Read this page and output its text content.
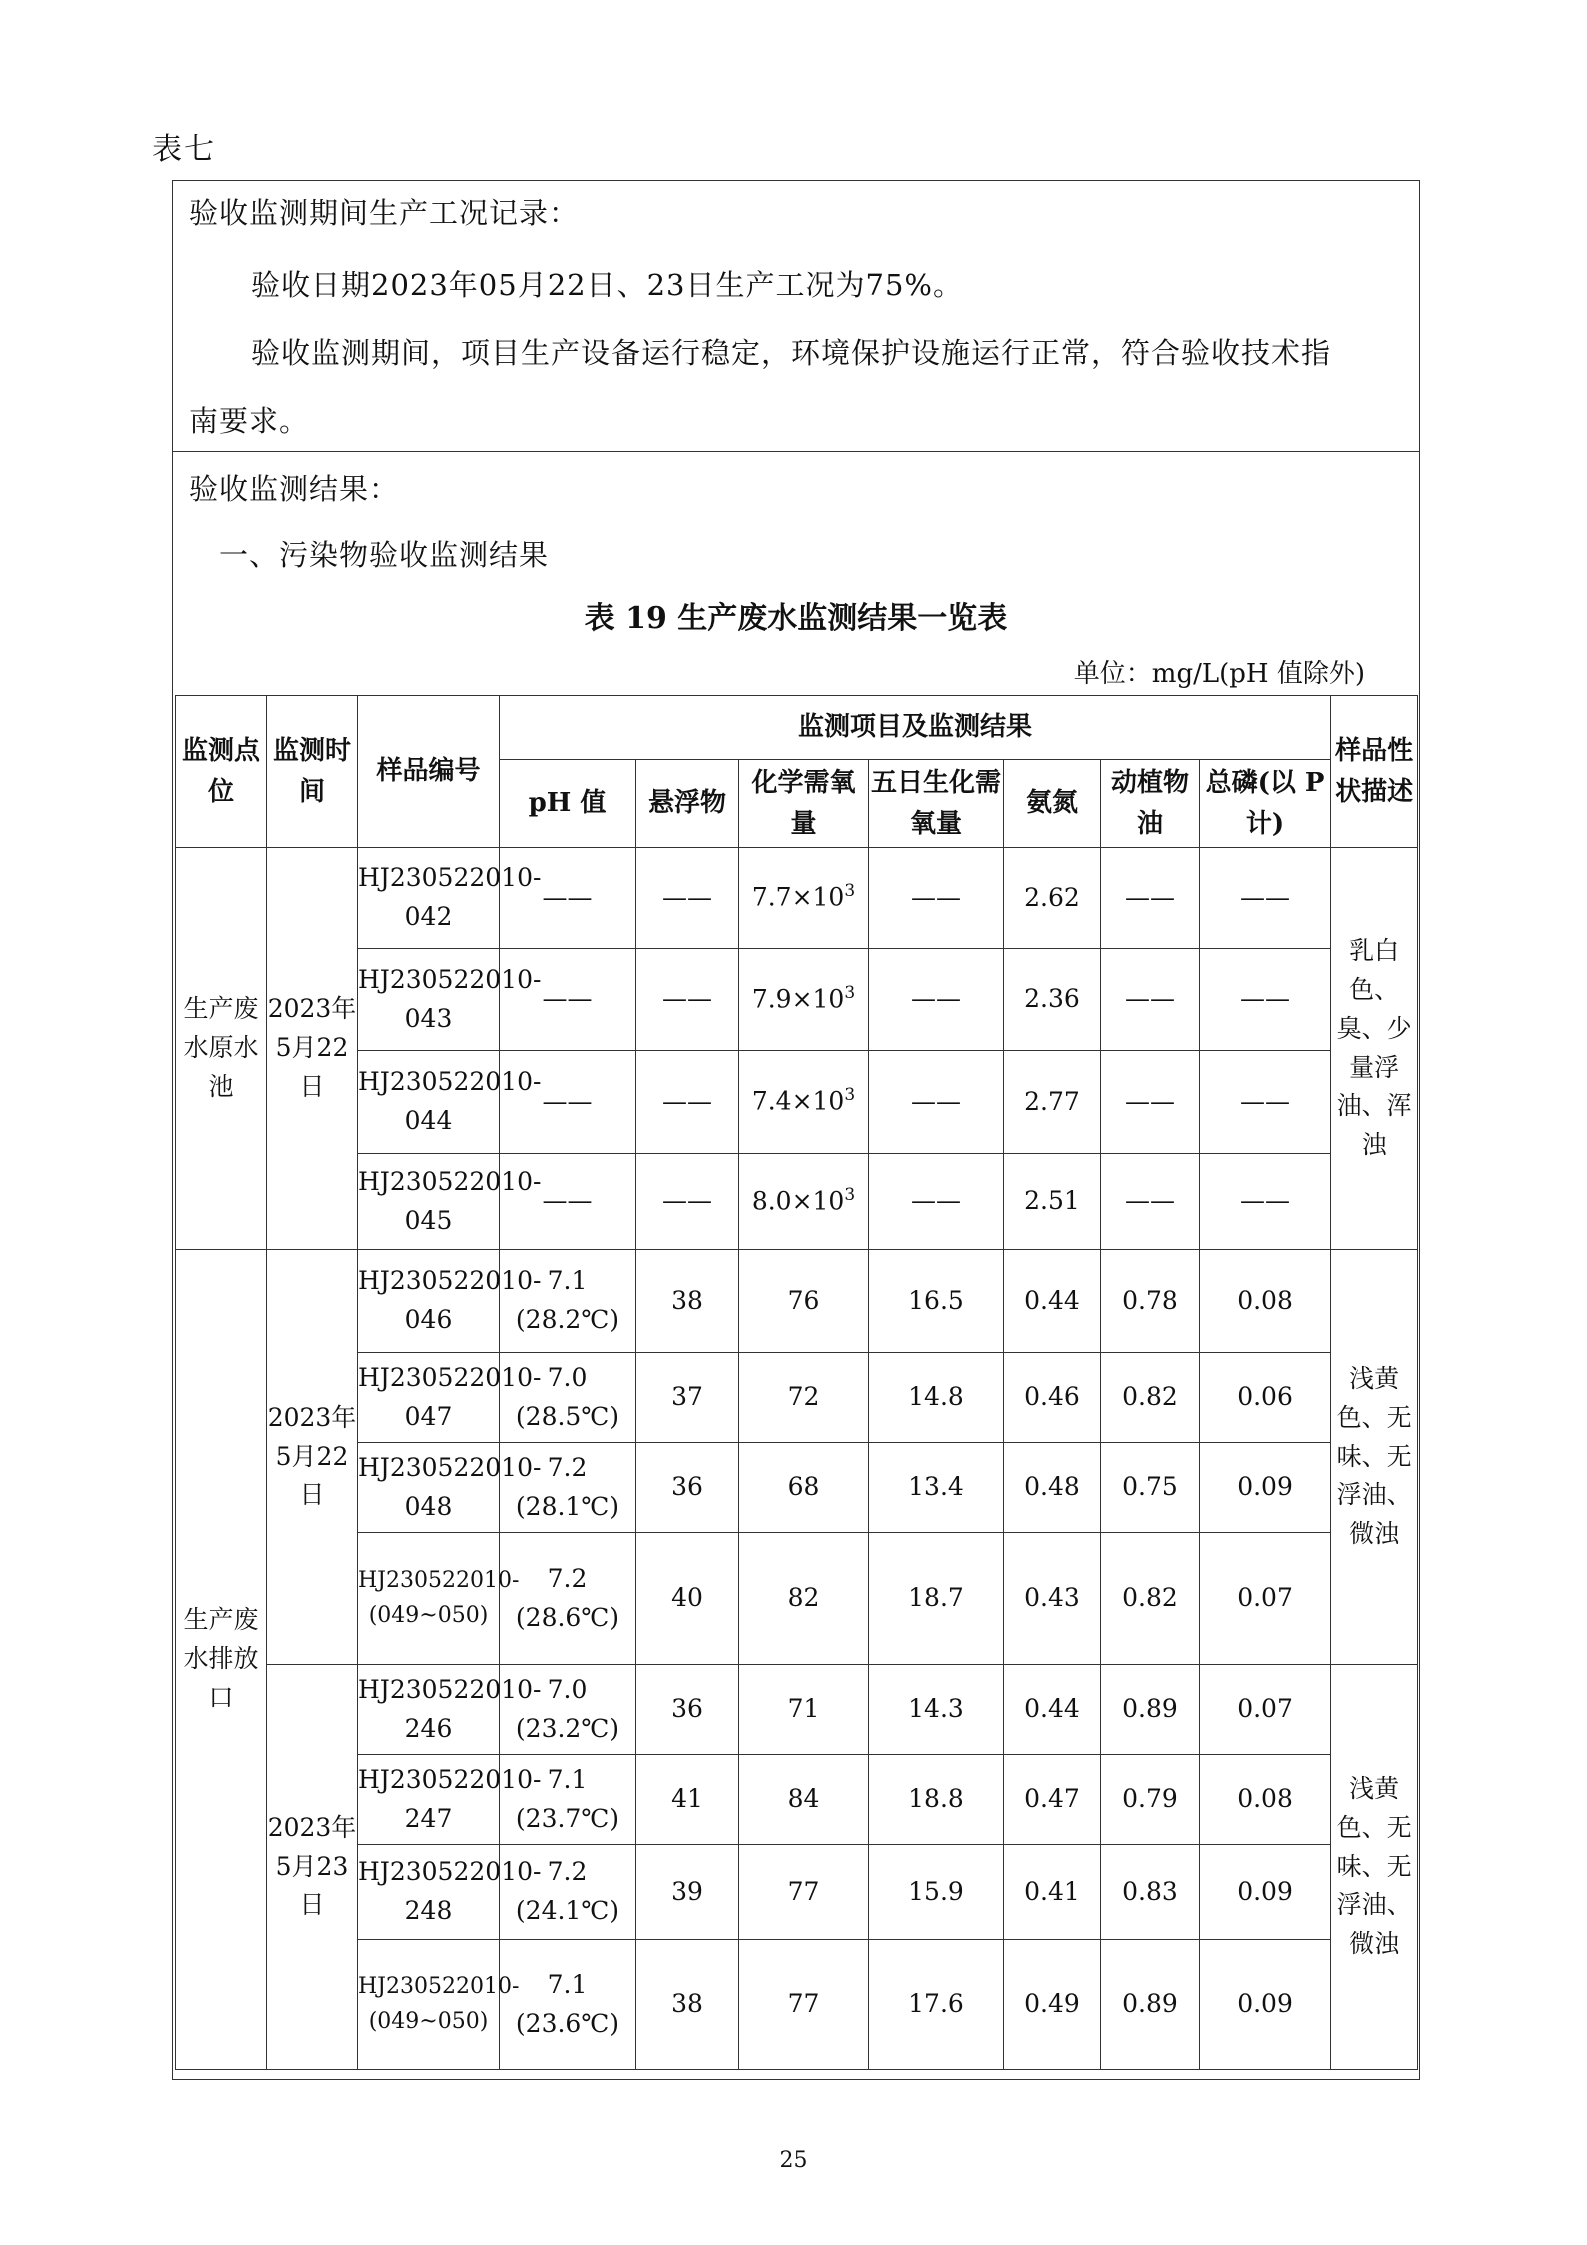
表七
验收监测期间生产工况记录：
验收日期2023年05月22日、23日生产工况为75%。
验收监测期间，项目生产设备运行稳定，环境保护设施运行正常，符合验收技术指
南要求。
验收监测结果：
一、污染物验收监测结果
表 19 生产废水监测结果一览表
单位：mg/L(pH 值除外)
监测点位	监测时间	样品编号	监测项目及监测结果							样品性状描述
			pH 值	悬浮物	化学需氧量	五日生化需氧量	氨氮	动植物油	总磷(以 P 计)	
生产废水原水池	2023年5月22日	HJ230522010-042	——	——	$7.7\times 10^3$	——	2.62	——	——	乳白色、臭、少量浮油、浑浊
		HJ230522010-043	——	——	$7.9\times 10^3$	——	2.36	——	——	
		HJ230522010-044	——	——	$7.4\times 10^3$	——	2.77	——	——	
		HJ230522010-045	——	——	$8.0\times 10^3$	——	2.51	——	——	
生产废水排放口	2023年5月22日	HJ230522010-046	7.1
(28.2℃)	38	76	16.5	0.44	0.78	0.08	浅黄色、无味、无浮油、微浊
		HJ230522010-047	7.0
(28.5℃)	37	72	14.8	0.46	0.82	0.06	
		HJ230522010-048	7.2
(28.1℃)	36	68	13.4	0.48	0.75	0.09	
		HJ230522010-(049~050)	7.2
(28.6℃)	40	82	18.7	0.43	0.82	0.07	
	2023年5月23日	HJ230522010-246	7.0
(23.2℃)	36	71	14.3	0.44	0.89	0.07	浅黄色、无味、无浮油、微浊
		HJ230522010-247	7.1
(23.7℃)	41	84	18.8	0.47	0.79	0.08	
		HJ230522010-248	7.2
(24.1℃)	39	77	15.9	0.41	0.83	0.09	
		HJ230522010-(049~050)	7.1
(23.6℃)	38	77	17.6	0.49	0.89	0.09	
25
